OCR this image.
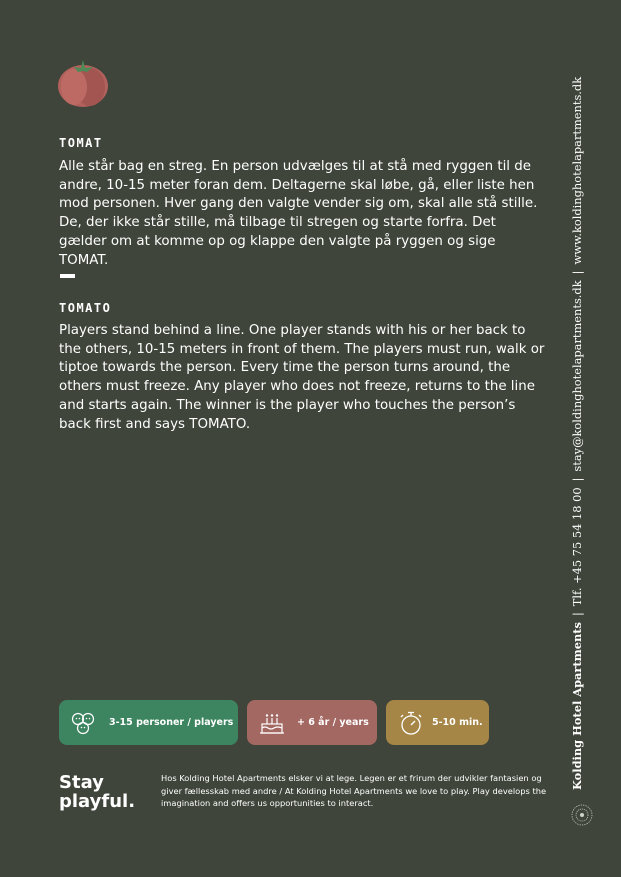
TOMAT
Alle står bag en streg. En person udvælges til at stå med ryggen til de andre, 10-15 meter foran dem. Deltagerne skal løbe, gå, eller liste hen mod personen. Hver gang den valgte vender sig om, skal alle stå stille. De, der ikke står stille, må tilbage til stregen og starte forfra. Det gælder om at komme op og klappe den valgte på ryggen og sige TOMAT.
TOMATO
Players stand behind a line. One player stands with his or her back to the others, 10-15 meters in front of them. The players must run, walk or tiptoe towards the person. Every time the person turns around, the others must freeze. Any player who does not freeze, returns to the line and starts again. The winner is the player who touches the person’s back first and says TOMATO.
Kolding Hotel Apartments|Tlf. +45 75 54 18 00|stay@koldinghotelapartments.dk|www.koldinghotelapartments.dk
3-15 personer / players	+ 6 år / years	5-10 min.
Stay
playful.
Hos Kolding Hotel Apartments elsker vi at lege. Legen er et frirum der udvikler fantasien og giver fællesskab med andre / At Kolding Hotel Apartments we love to play. Play develops the imagination and offers us opportunities to interact.
